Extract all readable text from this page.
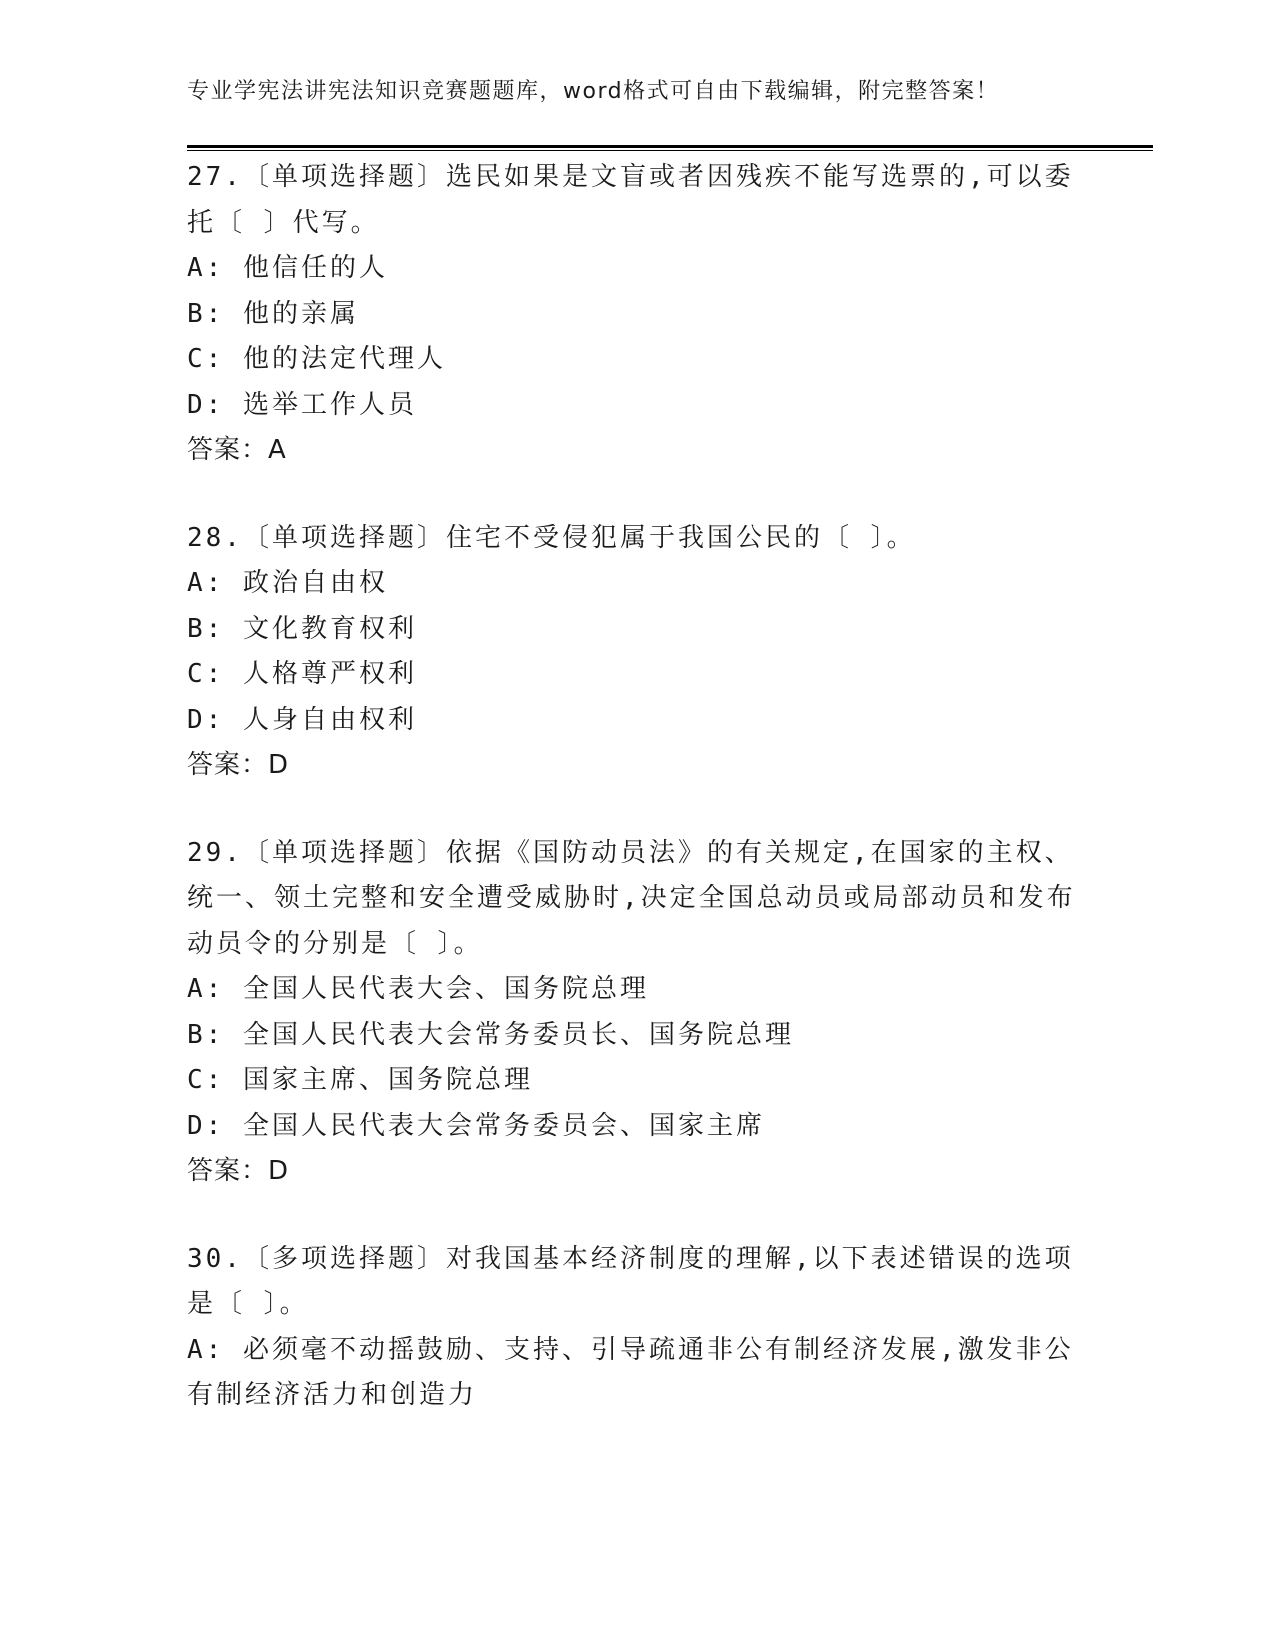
专业学宪法讲宪法知识竞赛题题库，word格式可自由下载编辑，附完整答案！
27.〔单项选择题〕选民如果是文盲或者因残疾不能写选票的,可以委
托〔 〕代写。
A: 他信任的人
B: 他的亲属
C: 他的法定代理人
D: 选举工作人员
答案：A
28.〔单项选择题〕住宅不受侵犯属于我国公民的〔 〕。
A: 政治自由权
B: 文化教育权利
C: 人格尊严权利
D: 人身自由权利
答案：D
29.〔单项选择题〕依据《国防动员法》的有关规定,在国家的主权、
统一、领土完整和安全遭受威胁时,决定全国总动员或局部动员和发布
动员令的分别是〔 〕。
A: 全国人民代表大会、国务院总理
B: 全国人民代表大会常务委员长、国务院总理
C: 国家主席、国务院总理
D: 全国人民代表大会常务委员会、国家主席
答案：D
30.〔多项选择题〕对我国基本经济制度的理解,以下表述错误的选项
是〔 〕。
A: 必须毫不动摇鼓励、支持、引导疏通非公有制经济发展,激发非公
有制经济活力和创造力
